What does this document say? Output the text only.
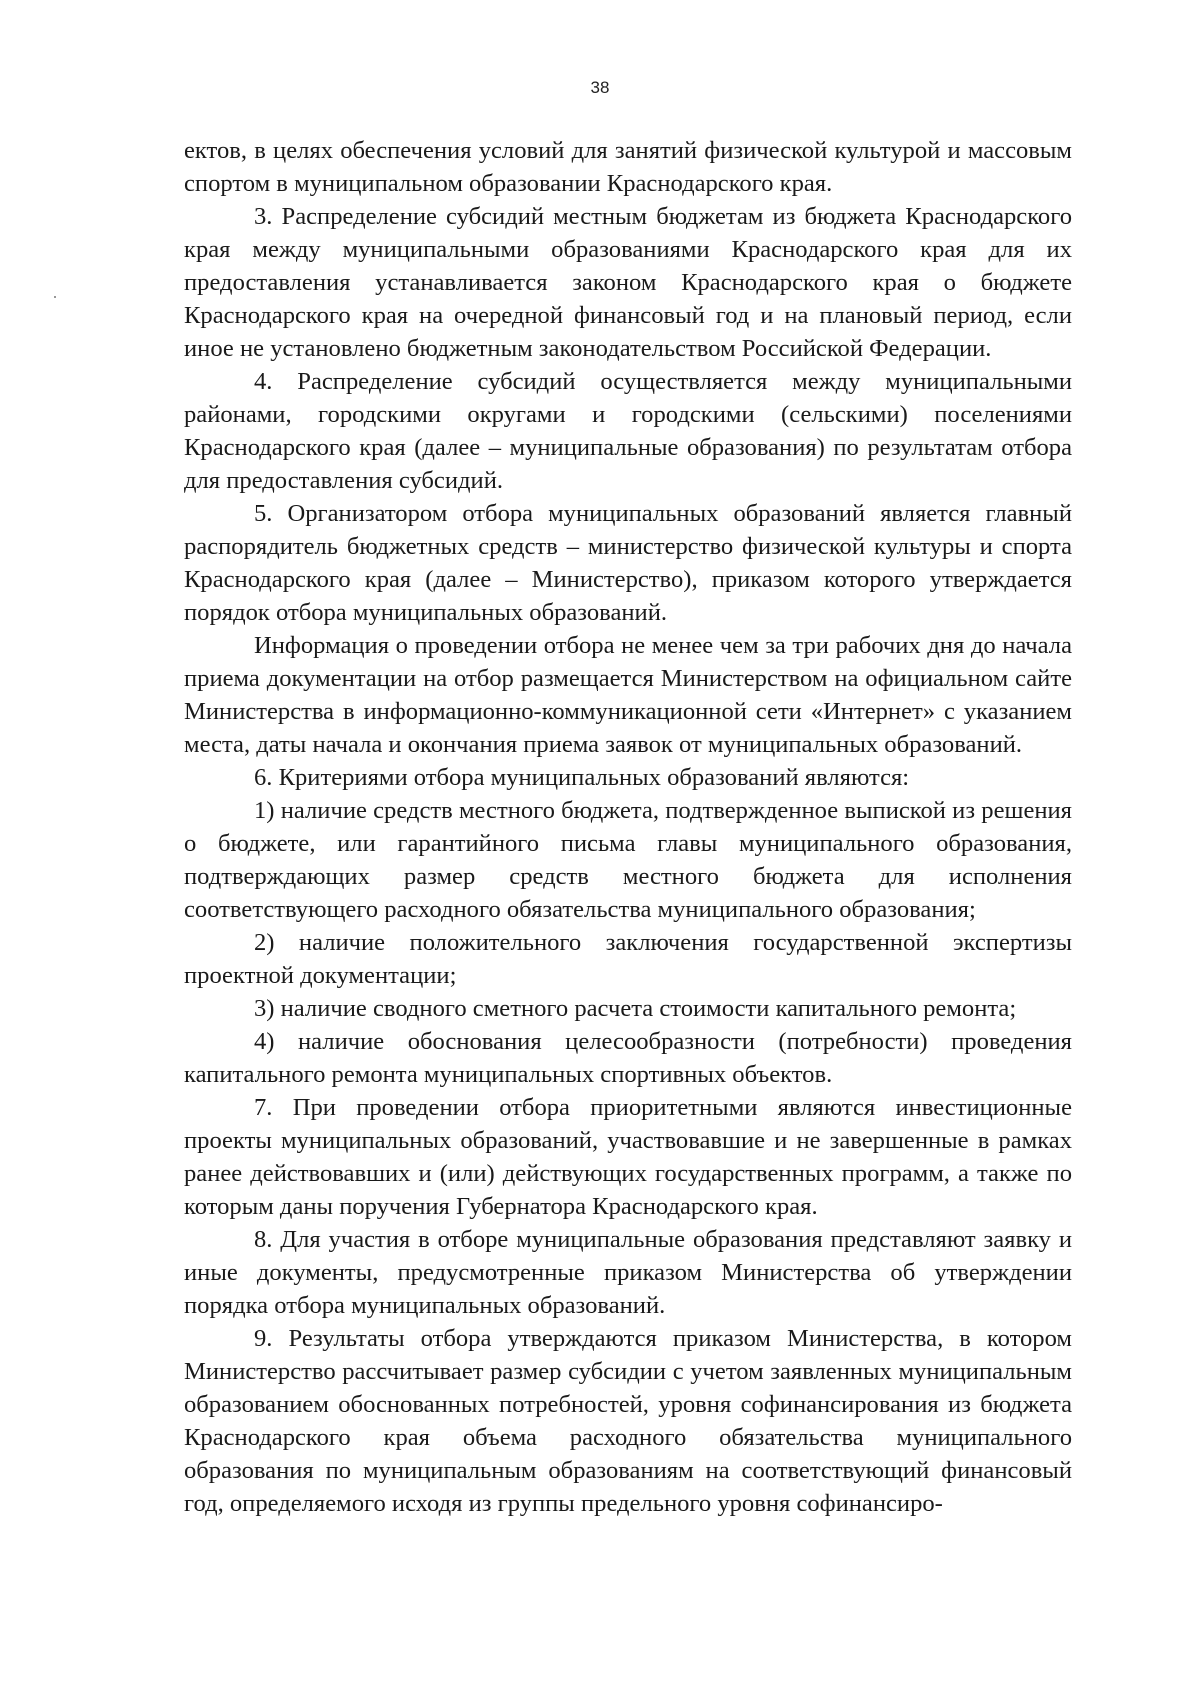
38

ектов, в целях обеспечения условий для занятий физической культурой и массовым спортом в муниципальном образовании Краснодарского края.

3. Распределение субсидий местным бюджетам из бюджета Краснодарского края между муниципальными образованиями Краснодарского края для их предоставления устанавливается законом Краснодарского края о бюджете Краснодарского края на очередной финансовый год и на плановый период, если иное не установлено бюджетным законодательством Российской Федерации.

4. Распределение субсидий осуществляется между муниципальными районами, городскими округами и городскими (сельскими) поселениями Краснодарского края (далее – муниципальные образования) по результатам отбора для предоставления субсидий.

5. Организатором отбора муниципальных образований является главный распорядитель бюджетных средств – министерство физической культуры и спорта Краснодарского края (далее – Министерство), приказом которого утверждается порядок отбора муниципальных образований.

Информация о проведении отбора не менее чем за три рабочих дня до начала приема документации на отбор размещается Министерством на официальном сайте Министерства в информационно-коммуникационной сети «Интернет» с указанием места, даты начала и окончания приема заявок от муниципальных образований.

6. Критериями отбора муниципальных образований являются:

1) наличие средств местного бюджета, подтвержденное выпиской из решения о бюджете, или гарантийного письма главы муниципального образования, подтверждающих размер средств местного бюджета для исполнения соответствующего расходного обязательства муниципального образования;

2) наличие положительного заключения государственной экспертизы проектной документации;

3) наличие сводного сметного расчета стоимости капитального ремонта;

4) наличие обоснования целесообразности (потребности) проведения капитального ремонта муниципальных спортивных объектов.

7. При проведении отбора приоритетными являются инвестиционные проекты муниципальных образований, участвовавшие и не завершенные в рамках ранее действовавших и (или) действующих государственных программ, а также по которым даны поручения Губернатора Краснодарского края.

8. Для участия в отборе муниципальные образования представляют заявку и иные документы, предусмотренные приказом Министерства об утверждении порядка отбора муниципальных образований.

9. Результаты отбора утверждаются приказом Министерства, в котором Министерство рассчитывает размер субсидии с учетом заявленных муниципальным образованием обоснованных потребностей, уровня софинансирования из бюджета Краснодарского края объема расходного обязательства муниципального образования по муниципальным образованиям на соответствующий финансовый год, определяемого исходя из группы предельного уровня софинансиро-
